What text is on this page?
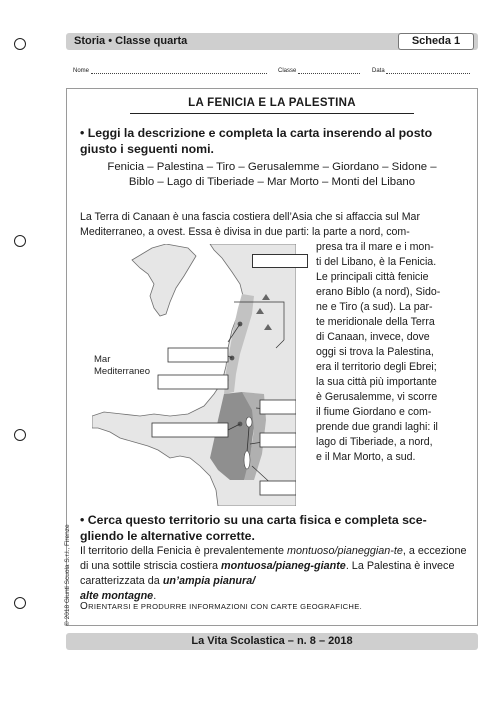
Storia • Classe quarta	Scheda 1
Nome	Classe	Data
LA FENICIA E LA PALESTINA
• Leggi la descrizione e completa la carta inserendo al posto giusto i seguenti nomi.
Fenicia – Palestina – Tiro – Gerusalemme – Giordano – Sidone –
Biblo – Lago di Tiberiade – Mar Morto – Monti del Libano
La Terra di Canaan è una fascia costiera dell’Asia che si affaccia sul Mar
Mediterraneo, a ovest. Essa è divisa in due parti: la parte a nord, com-
Mar
Mediterraneo
presa tra il mare e i mon-
ti del Libano, è la Fenicia.
Le principali città fenicie
erano Biblo (a nord), Sido-
ne e Tiro (a sud). La par-
te meridionale della Terra
di Canaan, invece, dove
oggi si trova la Palestina,
era il territorio degli Ebrei;
la sua città più importante
è Gerusalemme, vi scorre
il fiume Giordano e com-
prende due grandi laghi: il
lago di Tiberiade, a nord,
e il Mar Morto, a sud.
• Cerca questo territorio su una carta fisica e completa sce-gliendo le alternative corrette.
Il territorio della Fenicia è prevalentemente montuoso/pianeggian-te, a eccezione di una sottile striscia costiera montuosa/pianeg-giante. La Palestina è invece caratterizzata da un’ampia pianura/
alte montagne.
ORIENTARSI E PRODURRE INFORMAZIONI CON CARTE GEOGRAFICHE.
© 2018 Giunti Scuola S.r.l., Firenze
La Vita Scolastica – n. 8 – 2018
